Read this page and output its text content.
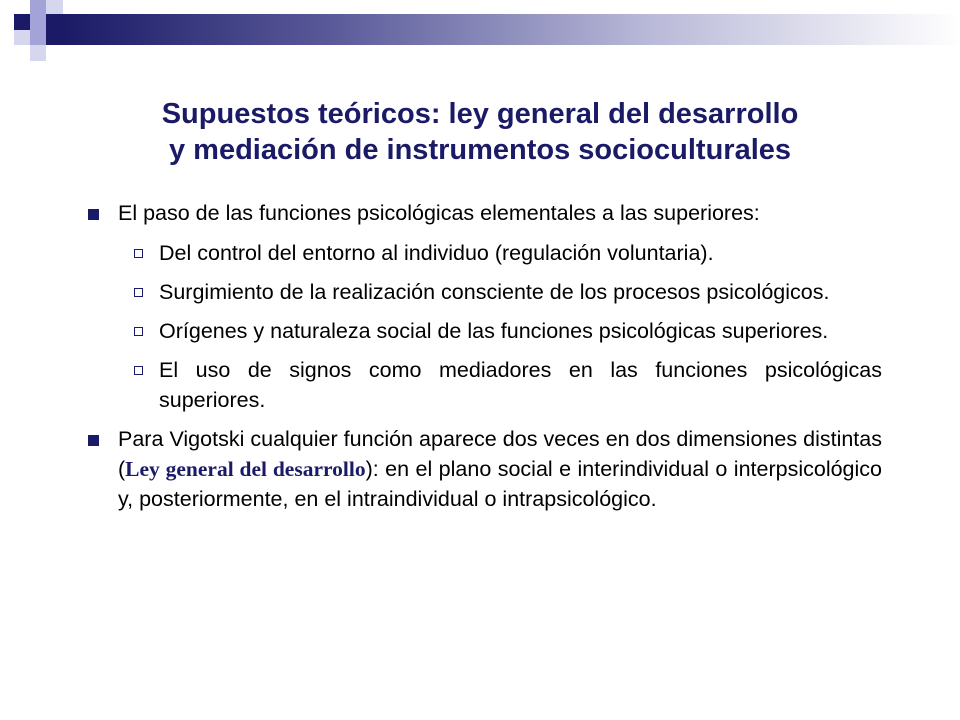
Supuestos teóricos: ley general del desarrollo
y mediación de instrumentos socioculturales
El paso de las funciones psicológicas elementales a las superiores:
Del control del entorno al individuo (regulación voluntaria).
Surgimiento de la realización consciente de los procesos psicológicos.
Orígenes y naturaleza social de las funciones psicológicas superiores.
El uso de signos como mediadores en las funciones psicológicas superiores.
Para Vigotski cualquier función aparece dos veces en dos dimensiones distintas (Ley general del desarrollo): en el plano social e interindividual o interpsicológico y, posteriormente, en el intraindividual o intrapsicológico.
